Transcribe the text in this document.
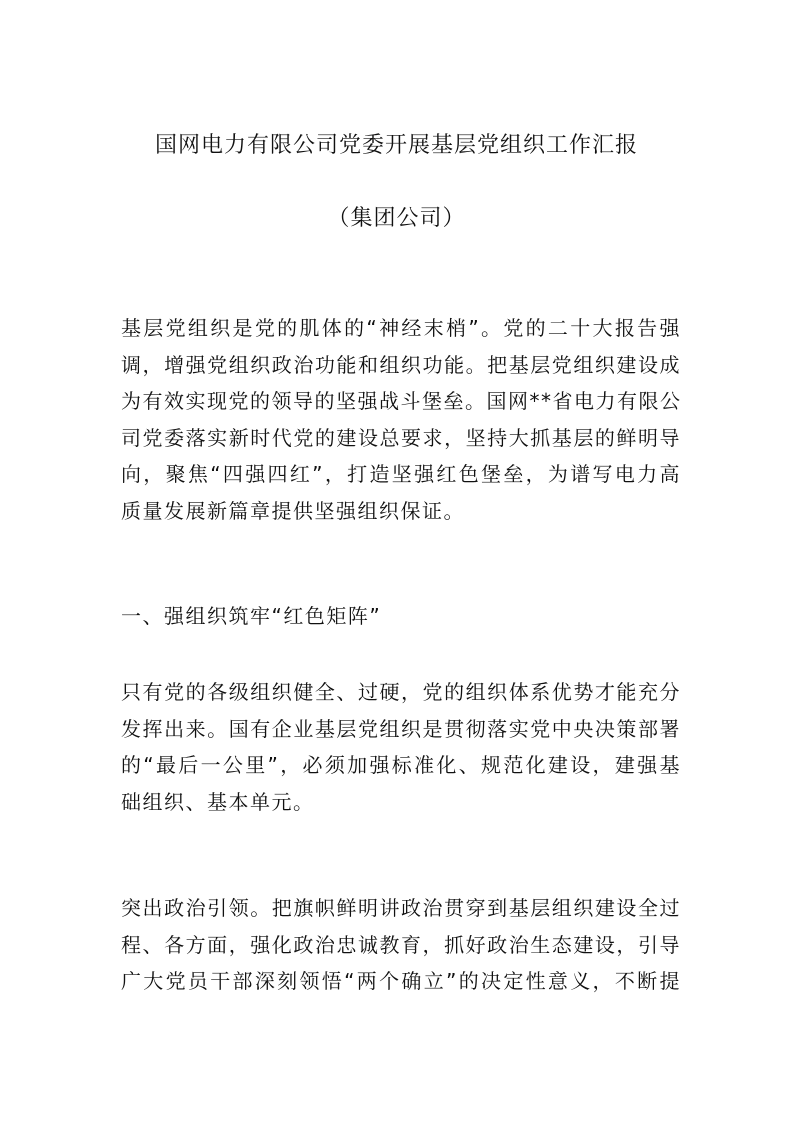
国网电力有限公司党委开展基层党组织工作汇报
（集团公司）

基层党组织是党的肌体的“神经末梢”。党的二十大报告强
调，增强党组织政治功能和组织功能。把基层党组织建设成
为有效实现党的领导的坚强战斗堡垒。国网**省电力有限公
司党委落实新时代党的建设总要求，坚持大抓基层的鲜明导
向，聚焦“四强四红”，打造坚强红色堡垒，为谱写电力高
质量发展新篇章提供坚强组织保证。

一、强组织筑牢“红色矩阵”

只有党的各级组织健全、过硬，党的组织体系优势才能充分
发挥出来。国有企业基层党组织是贯彻落实党中央决策部署
的“最后一公里”，必须加强标准化、规范化建设，建强基
础组织、基本单元。

突出政治引领。把旗帜鲜明讲政治贯穿到基层组织建设全过
程、各方面，强化政治忠诚教育，抓好政治生态建设，引导
广大党员干部深刻领悟“两个确立”的决定性意义，不断提
